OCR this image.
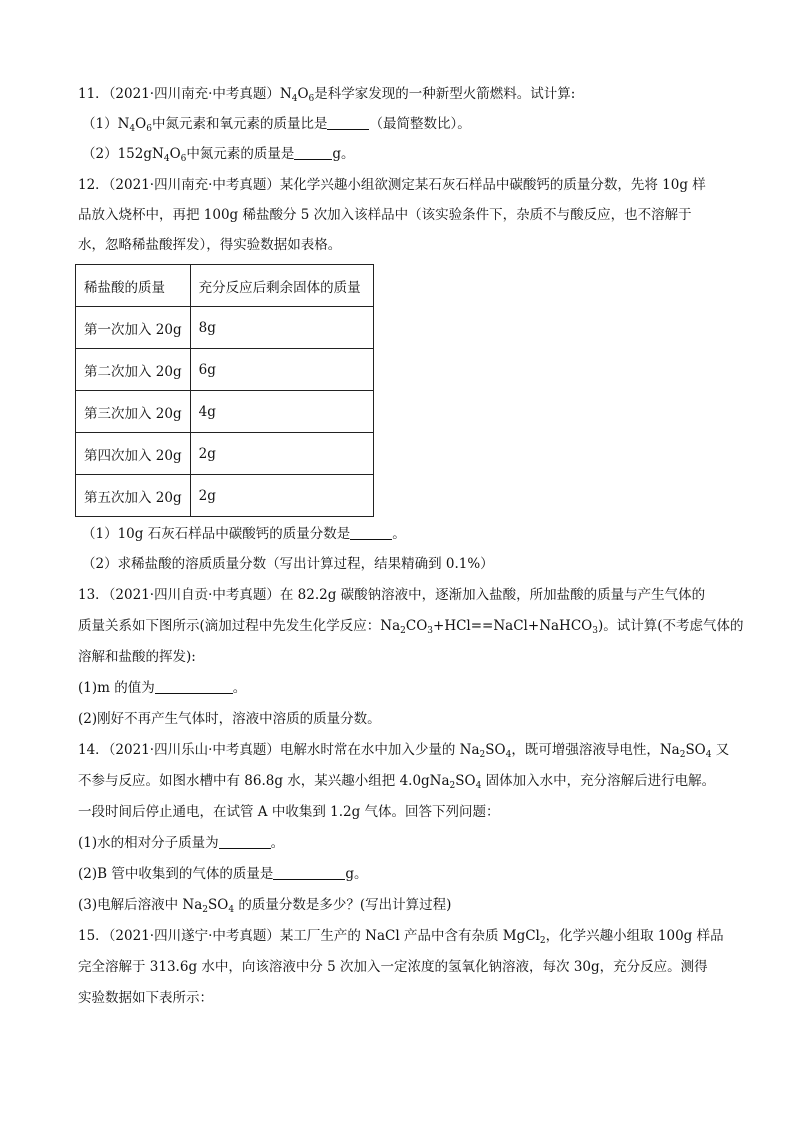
11．（2021·四川南充·中考真题）$N_4O_6$是科学家发现的一种新型火箭燃料。试计算:
$(1)N_4O_6$中氮元素和氧元素的质量比是	（最简整数比）。
$(2)152gN_4O_6$中氮元素的质量是	g。
12．（2021·四川南充·中考真题）某化学兴趣小组欲测定某石灰石样品中碳酸钙的质量分数，先将 10g 样
品放入烧杯中，再把 100g 稀盐酸分 5 次加入该样品中（该实验条件下，杂质不与酸反应，也不溶解于
水，忽略稀盐酸挥发），得实验数据如表格。
稀盐酸的质量	充分反应后剩余固体的质量
第一次加入 20g	8g
第二次加入 20g	6g
第三次加入 20g	4g
第四次加入 20g	2g
第五次加入 20g	2g
（1）10g 石灰石样品中碳酸钙的质量分数是	。
（2）求稀盐酸的溶质质量分数（写出计算过程，结果精确到 0.1%）
13．（2021·四川自贡·中考真题）在 82.2g 碳酸钠溶液中，逐渐加入盐酸，所加盐酸的质量与产生气体的
质量关系如下图所示(滴加过程中先发生化学反应：$Na_2CO_3+HCl==NaCl+NaHCO_3$)。试计算(不考虑气体的
溶解和盐酸的挥发):
(1)m 的值为	。
(2)刚好不再产生气体时，溶液中溶质的质量分数。
14．（2021·四川乐山·中考真题）电解水时常在水中加入少量的 $Na_2SO_4$，既可增强溶液导电性，$Na_2SO_4$ 又
不参与反应。如图水槽中有 86.8g 水，某兴趣小组把 $4.0gNa_2SO_4$ 固体加入水中，充分溶解后进行电解。
一段时间后停止通电，在试管 A 中收集到 1.2g 气体。回答下列问题：
(1)水的相对分子质量为	。
(2)B 管中收集到的气体的质量是	g。
(3)电解后溶液中 $Na_2SO_4$ 的质量分数是多少？(写出计算过程)
15．（2021·四川遂宁·中考真题）某工厂生产的 NaCl 产品中含有杂质 MgCl$_2$，化学兴趣小组取 100g 样品
完全溶解于 313.6g 水中，向该溶液中分 5 次加入一定浓度的氢氧化钠溶液，每次 30g，充分反应。测得
实验数据如下表所示：
